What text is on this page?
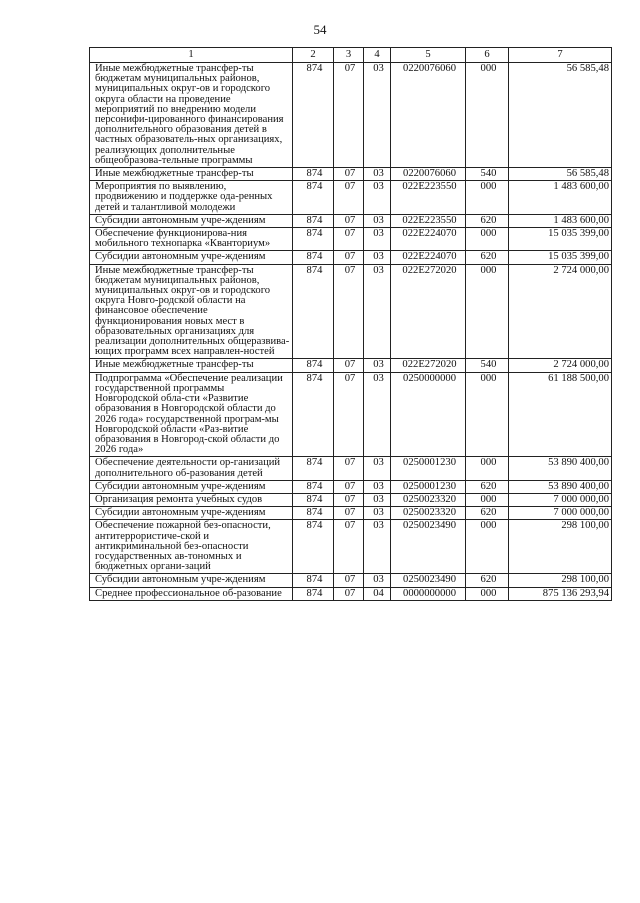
54
1	2	3	4	5	6	7
Иные межбюджетные трансфер-ты бюджетам муниципальных районов, муниципальных округ-ов и городского округа области на проведение мероприятий по внедрению модели персонифи-цированного финансирования дополнительного образования детей в частных образователь-ных организациях, реализующих дополнительные общеобразова-тельные программы	874	07	03	0220076060	000	56 585,48
Иные межбюджетные трансфер-ты	874	07	03	0220076060	540	56 585,48
Мероприятия по выявлению, продвижению и поддержке ода-ренных детей и талантливой молодежи	874	07	03	022Е223550	000	1 483 600,00
Субсидии автономным учре-ждениям	874	07	03	022Е223550	620	1 483 600,00
Обеспечение функционирова-ния мобильного технопарка «Кванториум»	874	07	03	022Е224070	000	15 035 399,00
Субсидии автономным учре-ждениям	874	07	03	022Е224070	620	15 035 399,00
Иные межбюджетные трансфер-ты бюджетам муниципальных районов, муниципальных округ-ов и городского округа Новго-родской области на финансовое обеспечение функционирования новых мест в образовательных организациях для реализации дополнительных общеразвива-ющих программ всех направлен-ностей	874	07	03	022Е272020	000	2 724 000,00
Иные межбюджетные трансфер-ты	874	07	03	022Е272020	540	2 724 000,00
Подпрограмма «Обеспечение реализации государственной программы Новгородской обла-сти «Развитие образования в Новгородской области до 2026 года» государственной програм-мы Новгородской области «Раз-витие образования в Новгород-ской области до 2026 года»	874	07	03	0250000000	000	61 188 500,00
Обеспечение деятельности ор-ганизаций дополнительного об-разования детей	874	07	03	0250001230	000	53 890 400,00
Субсидии автономным учре-ждениям	874	07	03	0250001230	620	53 890 400,00
Организация ремонта учебных судов	874	07	03	0250023320	000	7 000 000,00
Субсидии автономным учре-ждениям	874	07	03	0250023320	620	7 000 000,00
Обеспечение пожарной без-опасности, антитеррористиче-ской и антикриминальной без-опасности государственных ав-тономных и бюджетных органи-заций	874	07	03	0250023490	000	298 100,00
Субсидии автономным учре-ждениям	874	07	03	0250023490	620	298 100,00
Среднее профессиональное об-разование	874	07	04	0000000000	000	875 136 293,94
